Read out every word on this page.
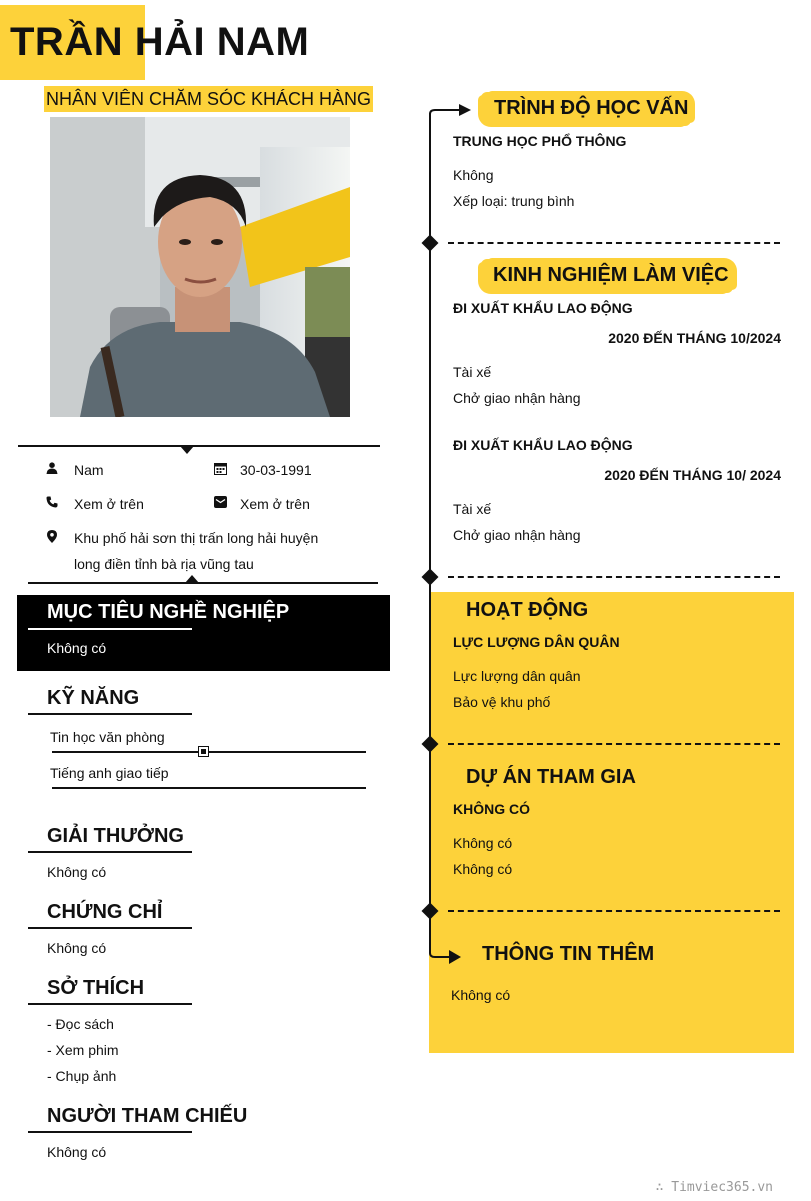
TRẦN HẢI NAM
NHÂN VIÊN CHĂM SÓC KHÁCH HÀNG
Nam	30-03-1991
Xem ở trên	Xem ở trên
Khu phố hải sơn thị trấn long hải huyện
long điền tỉnh bà rịa vũng tau
MỤC TIÊU NGHỀ NGHIỆP
Không có
KỸ NĂNG
Tin học văn phòng
Tiếng anh giao tiếp
GIẢI THƯỞNG
Không có
CHỨNG CHỈ
Không có
SỞ THÍCH
- Đọc sách
- Xem phim
- Chụp ảnh
NGƯỜI THAM CHIẾU
Không có
TRÌNH ĐỘ HỌC VẤN
TRUNG HỌC PHỔ THÔNG
Không
Xếp loại: trung bình
KINH NGHIỆM LÀM VIỆC
ĐI XUẤT KHẨU LAO ĐỘNG
2020 ĐẾN THÁNG 10/2024
Tài xế
Chở giao nhận hàng
ĐI XUẤT KHẨU LAO ĐỘNG
2020 ĐẾN THÁNG 10/ 2024
Tài xế
Chở giao nhận hàng
HOẠT ĐỘNG
LỰC LƯỢNG DÂN QUÂN
Lực lượng dân quân
Bảo vệ khu phố
DỰ ÁN THAM GIA
KHÔNG CÓ
Không có
Không có
THÔNG TIN THÊM
Không có
∴ Timviec365.vn
